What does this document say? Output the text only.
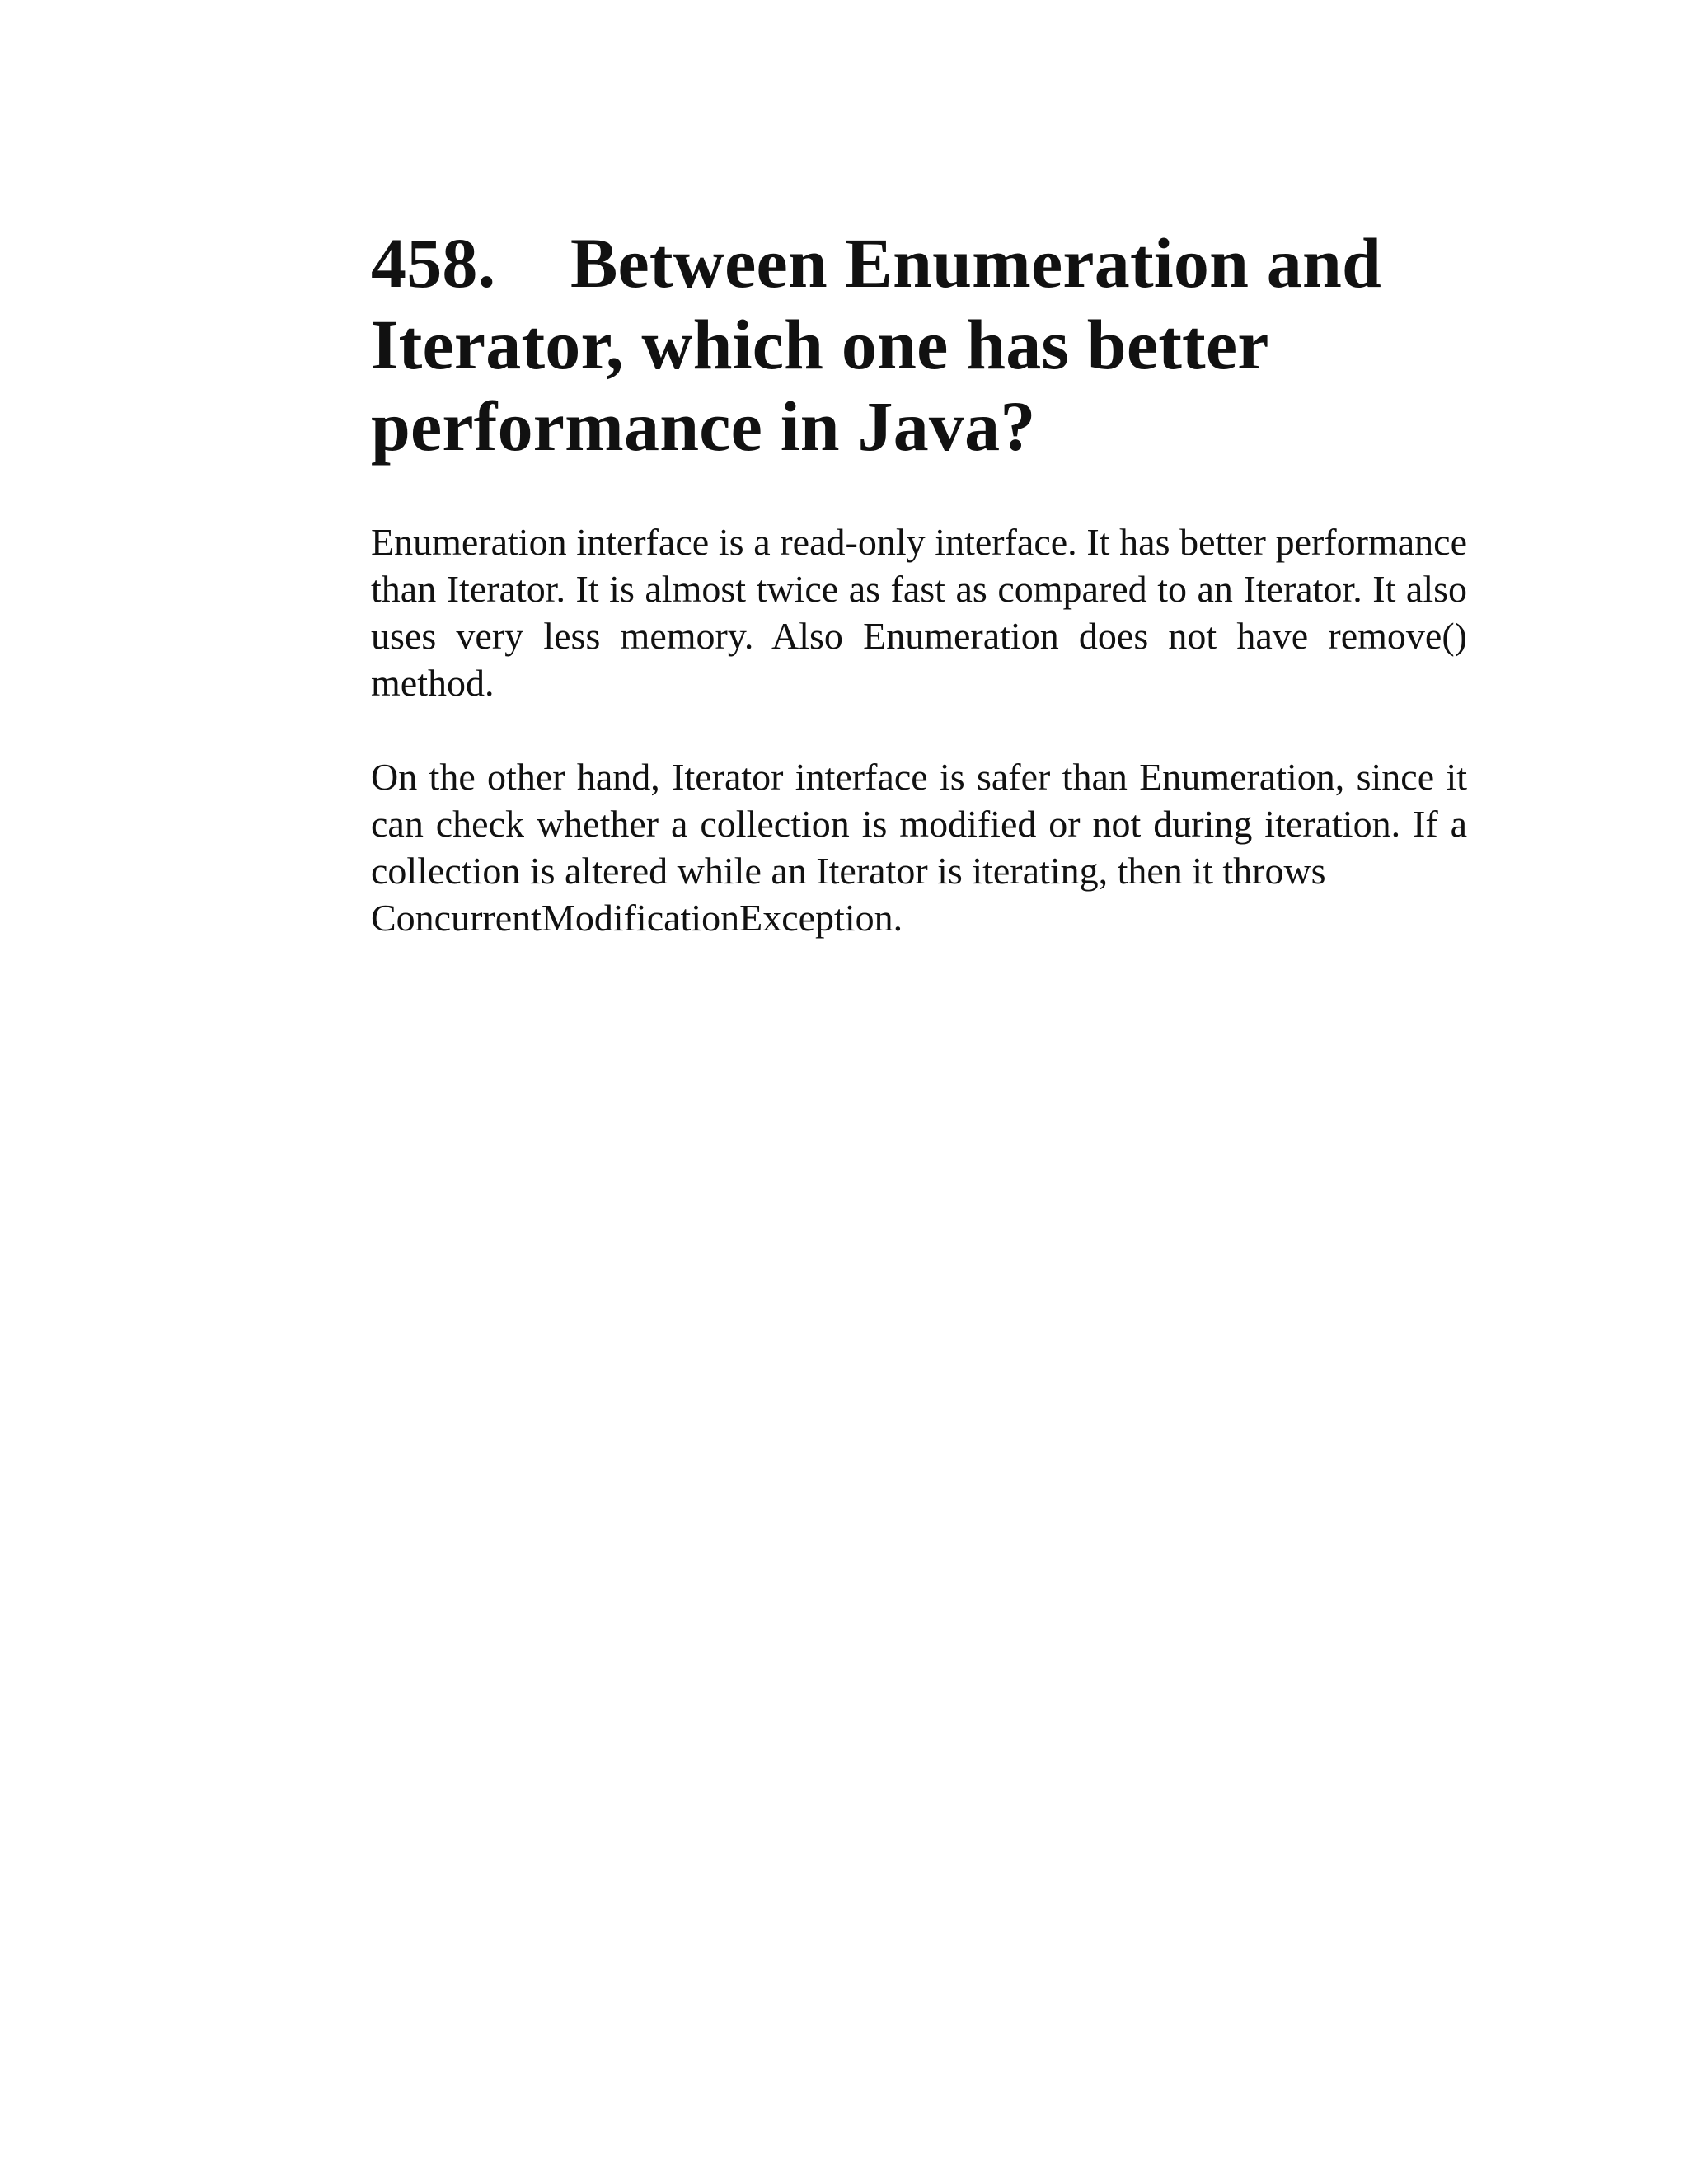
458. Between Enumeration and Iterator, which one has better performance in Java?

Enumeration interface is a read-only interface. It has better performance than Iterator. It is almost twice as fast as compared to an Iterator. It also uses very less memory. Also Enumeration does not have remove() method.

On the other hand, Iterator interface is safer than Enumeration, since it can check whether a collection is modified or not during iteration. If a collection is altered while an Iterator is iterating, then it throws
ConcurrentModificationException.
